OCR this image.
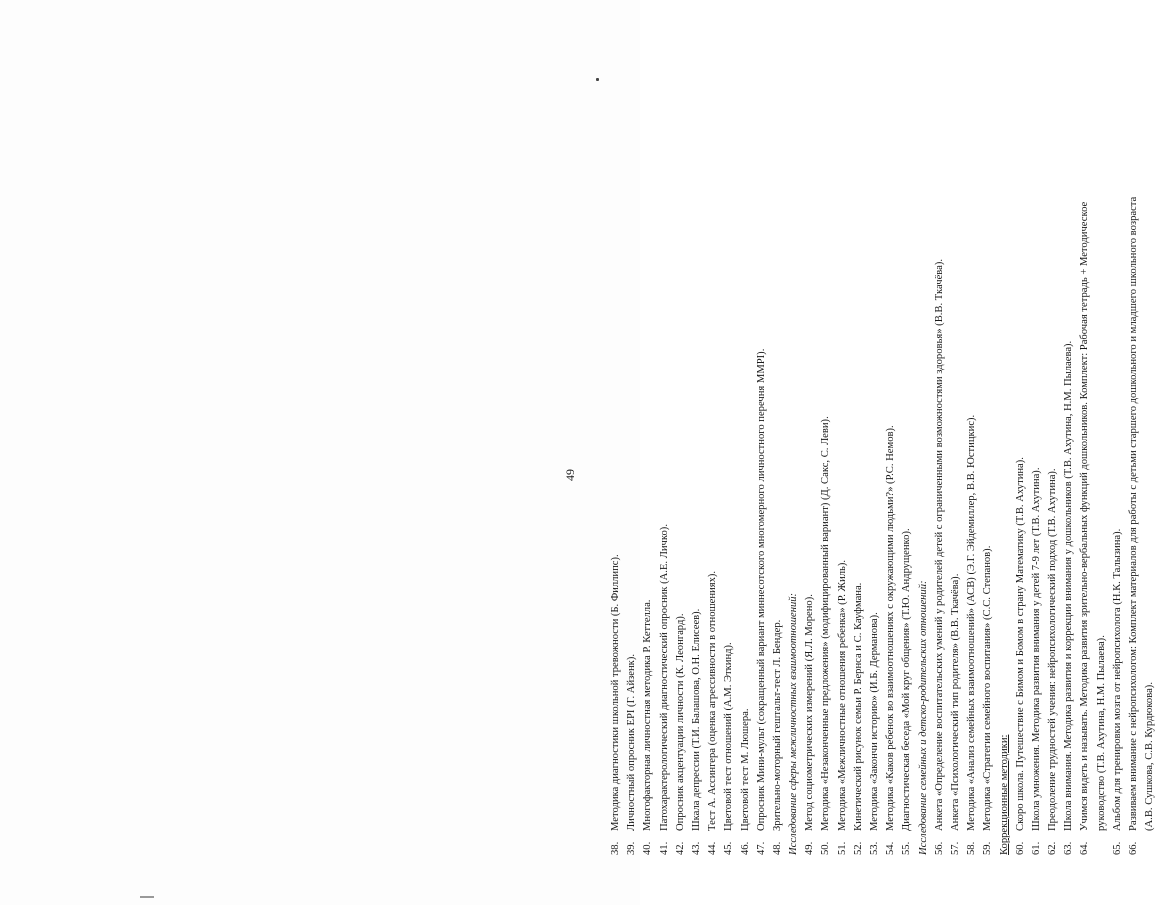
49
38.Методика диагностики школьной тревожности (Б. Филлипс).
39.Личностный опросник ЕРI (Г. Айзенк).
40.Многофакторная личностная методика Р. Кеттелла.
41.Патохарактерологический диагностический опросник (А.Е. Личко).
42.Опросник акцентуации личности (К. Леонгард).
43.Шкала депрессии (Т.И. Балашова, О.Н. Елисеев).
44.Тест А. Ассингера (оценка агрессивности в отношениях).
45.Цветовой тест отношений (А.М. Эткинд).
46.Цветовой тест М. Люшера.
47.Опросник Мини-мульт (сокращенный вариант миннесотского многомерного личностного перечня ММРI).
48.Зрительно-моторный гештальт-тест Л. Бендер. Исследование сферы межличностных взаимоотношений: 49.Метод социометрических измерений (Я.Л. Морено).
50.Методика «Незаконченные предложения» (модифицированный вариант) (Д. Сакс, С. Леви).
51.Методика «Межличностные отношения ребенка» (Р. Жиль).
52.Кинетический рисунок семьи Р. Бернса и С. Кауфмана.
53.Методика «Закончи историю» (И.Б. Дерманова).
54.Методика «Каков ребенок во взаимоотношениях с окружающими людьми?» (Р.С. Немов).
55.Диагностическая беседа «Мой круг общения» (Т.Ю. Андрущенко). Исследование семейных и детско-родительских отношений: 56.Анкета «Определение воспитательских умений у родителей детей с ограниченными возможностями здоровья» (В.В. Ткачёва).
57.Анкета «Психологический тип родителя» (В.В. Ткачёва).
58.Методика «Анализ семейных взаимоотношений» (АСВ) (Э.Г. Эйдемиллер, В.В. Юстицкис).
59.Методика «Стратегии семейного воспитания» (С.С. Степанов). Коррекционные методики: 60.Скоро школа. Путешествие с Бимом и Бомом в страну Математику (Т.В. Ахутина).
61.Школа умножения. Методика развития внимания у детей 7-9 лет (Т.В. Ахутина).
62.Преодоление трудностей учения: нейропсихологический подход (Т.В. Ахутина).
63.Школа внимания. Методика развития и коррекции внимания у дошкольников (Т.В. Ахутина, Н.М. Пылаева).
64.Учимся видеть и называть. Методика развития зрительно-вербальных функций дошкольников. Комплект: Рабочая тетрадь + Методическое руководство (Т.В. Ахутина, Н.М. Пылаева).
65.Альбом для тренировки мозга от нейропсихолога (Н.К. Талызина).
66.Развиваем внимание с нейропсихологом: Комплект материалов для работы с детьми старшего дошкольного и младшего школьного возраста (А.В. Сушкова, С.В. Курдюкова).
